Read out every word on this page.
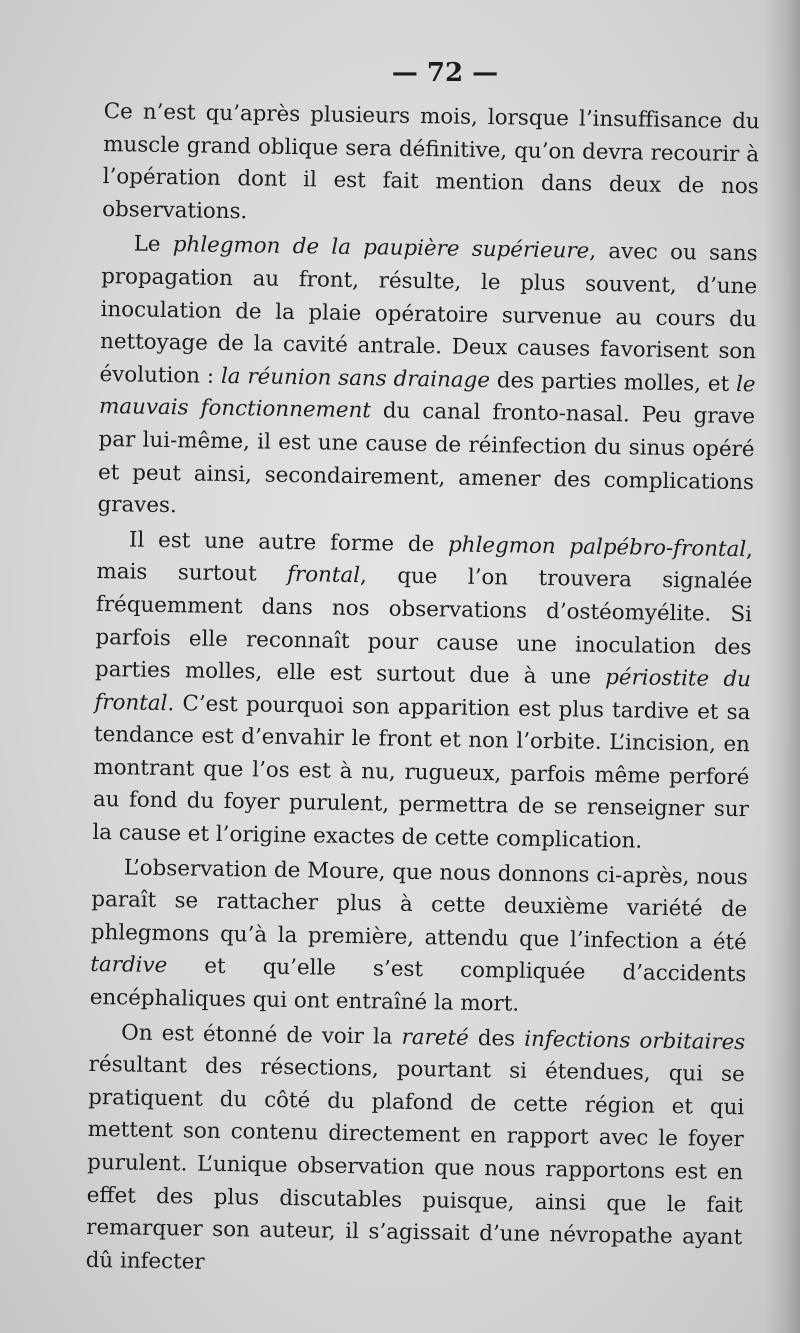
— 72 —

Ce n’est qu’après plusieurs mois, lorsque l’insuffisance du muscle grand oblique sera définitive, qu’on devra recourir à l’opération dont il est fait mention dans deux de nos observations.

Le phlegmon de la paupière supérieure, avec ou sans propagation au front, résulte, le plus souvent, d’une inoculation de la plaie opératoire survenue au cours du nettoyage de la cavité antrale. Deux causes favorisent son évolution : la réunion sans drainage des parties molles, et le mauvais fonctionnement du canal fronto-nasal. Peu grave par lui-même, il est une cause de réinfection du sinus opéré et peut ainsi, secondairement, amener des complications graves.

Il est une autre forme de phlegmon palpébro-frontal, mais surtout frontal, que l’on trouvera signalée fréquemment dans nos observations d’ostéomyélite. Si parfois elle reconnaît pour cause une inoculation des parties molles, elle est surtout due à une périostite du frontal. C’est pourquoi son apparition est plus tardive et sa tendance est d’envahir le front et non l’orbite. L’incision, en montrant que l’os est à nu, rugueux, parfois même perforé au fond du foyer purulent, permettra de se renseigner sur la cause et l’origine exactes de cette complication.

L’observation de Moure, que nous donnons ci-après, nous paraît se rattacher plus à cette deuxième variété de phlegmons qu’à la première, attendu que l’infection a été tardive et qu’elle s’est compliquée d’accidents encéphaliques qui ont entraîné la mort.

On est étonné de voir la rareté des infections orbitaires résultant des résections, pourtant si étendues, qui se pratiquent du côté du plafond de cette région et qui mettent son contenu directement en rapport avec le foyer purulent. L’unique observation que nous rapportons est en effet des plus discutables puisque, ainsi que le fait remarquer son auteur, il s’agissait d’une névropathe ayant dû infecter
